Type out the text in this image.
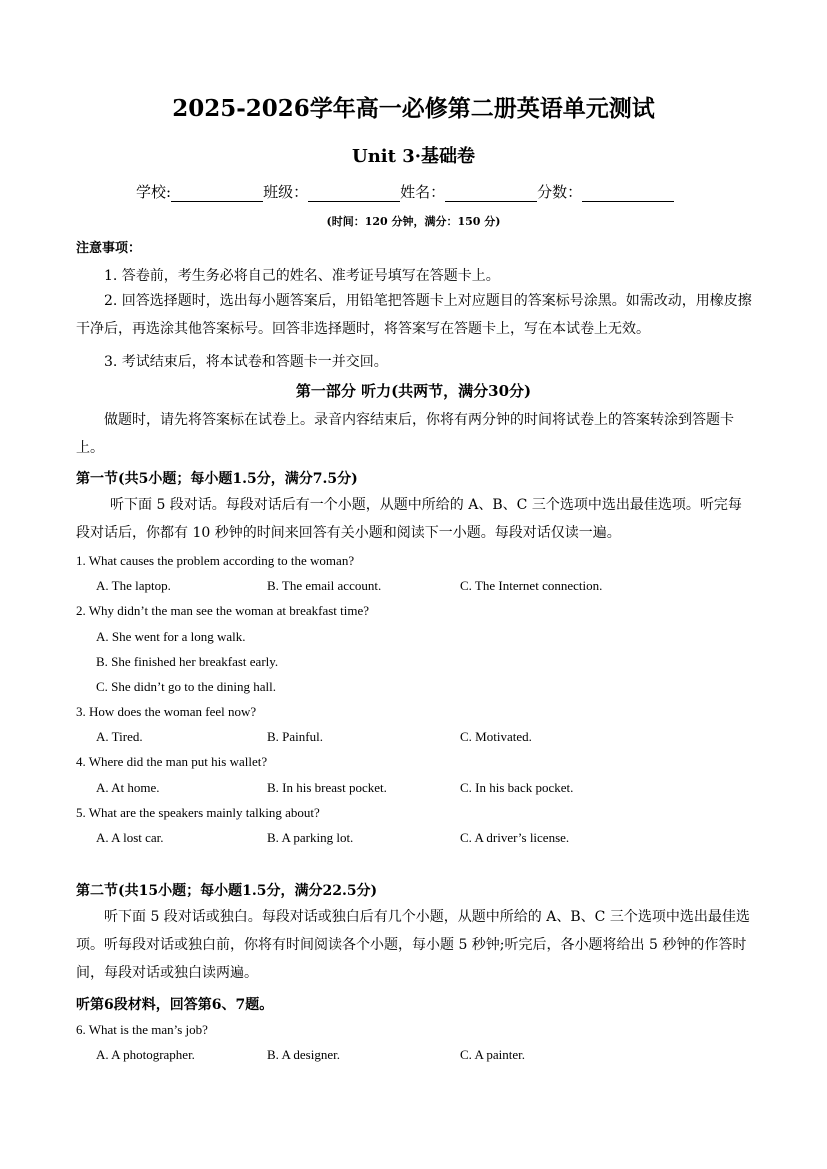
2025-2026学年高一必修第二册英语单元测试
Unit 3·基础卷
学校:	班级：	姓名：	分数：
(时间：120 分钟，满分：150 分)
注意事项：
1. 答卷前，考生务必将自己的姓名、准考证号填写在答题卡上。
2. 回答选择题时，选出每小题答案后，用铅笔把答题卡上对应题目的答案标号涂黑。如需改动，用橡皮擦干净后，再选涂其他答案标号。回答非选择题时，将答案写在答题卡上，写在本试卷上无效。
3. 考试结束后，将本试卷和答题卡一并交回。
第一部分 听力(共两节，满分30分)
做题时，请先将答案标在试卷上。录音内容结束后，你将有两分钟的时间将试卷上的答案转涂到答题卡上。
第一节(共5小题；每小题1.5分，满分7.5分)
听下面 5 段对话。每段对话后有一个小题，从题中所给的 A、B、C 三个选项中选出最佳选项。听完每段对话后，你都有 10 秒钟的时间来回答有关小题和阅读下一小题。每段对话仅读一遍。
1. What causes the problem according to the woman?
A. The laptop.	B. The email account.	C. The Internet connection.
2. Why didn’t the man see the woman at breakfast time?
A. She went for a long walk.
B. She finished her breakfast early.
C. She didn’t go to the dining hall.
3. How does the woman feel now?
A. Tired.	B. Painful.	C. Motivated.
4. Where did the man put his wallet?
A. At home.	B. In his breast pocket.	C. In his back pocket.
5. What are the speakers mainly talking about?
A. A lost car.	B. A parking lot.	C. A driver’s license.
第二节(共15小题；每小题1.5分，满分22.5分)
听下面 5 段对话或独白。每段对话或独白后有几个小题，从题中所给的 A、B、C 三个选项中选出最佳选项。听每段对话或独白前，你将有时间阅读各个小题，每小题 5 秒钟;听完后，各小题将给出 5 秒钟的作答时间，每段对话或独白读两遍。
听第6段材料，回答第6、7题。
6. What is the man’s job?
A. A photographer.	B. A designer.	C. A painter.
